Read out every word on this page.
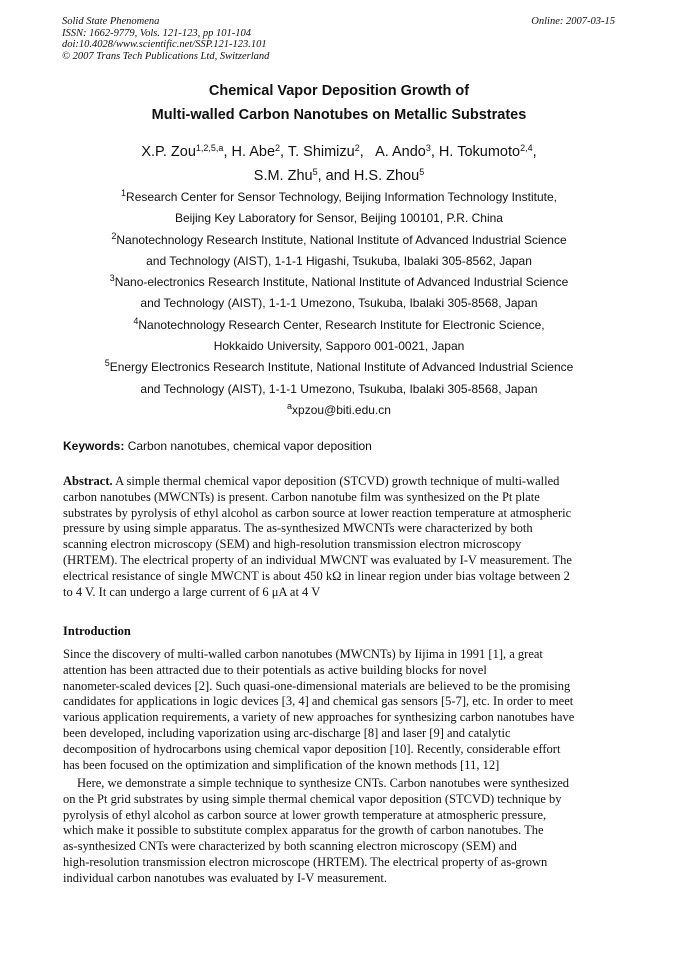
Solid State Phenomena
ISSN: 1662-9779, Vols. 121-123, pp 101-104
doi:10.4028/www.scientific.net/SSP.121-123.101
© 2007 Trans Tech Publications Ltd, Switzerland
Online: 2007-03-15
Chemical Vapor Deposition Growth of
Multi-walled Carbon Nanotubes on Metallic Substrates
X.P. Zou$^{1,2,5,a}$, H. Abe$^2$, T. Shimizu$^2$,   A. Ando$^3$, H. Tokumoto$^{2,4}$,
S.M. Zhu$^5$, and H.S. Zhou$^5$
$^1$Research Center for Sensor Technology, Beijing Information Technology Institute,
Beijing Key Laboratory for Sensor, Beijing 100101, P.R. China
$^2$Nanotechnology Research Institute, National Institute of Advanced Industrial Science
and Technology (AIST), 1-1-1 Higashi, Tsukuba, Ibalaki 305-8562, Japan
$^3$Nano-electronics Research Institute, National Institute of Advanced Industrial Science
and Technology (AIST), 1-1-1 Umezono, Tsukuba, Ibalaki 305-8568, Japan
$^4$Nanotechnology Research Center, Research Institute for Electronic Science,
Hokkaido University, Sapporo 001-0021, Japan
$^5$Energy Electronics Research Institute, National Institute of Advanced Industrial Science
and Technology (AIST), 1-1-1 Umezono, Tsukuba, Ibalaki 305-8568, Japan
$^a$xpzou@biti.edu.cn
Keywords: Carbon nanotubes, chemical vapor deposition
Abstract. A simple thermal chemical vapor deposition (STCVD) growth technique of multi-walled
carbon nanotubes (MWCNTs) is present. Carbon nanotube film was synthesized on the Pt plate
substrates by pyrolysis of ethyl alcohol as carbon source at lower reaction temperature at atmospheric
pressure by using simple apparatus. The as-synthesized MWCNTs were characterized by both
scanning electron microscopy (SEM) and high-resolution transmission electron microscopy
(HRTEM). The electrical property of an individual MWCNT was evaluated by I-V measurement. The
electrical resistance of single MWCNT is about 450 kΩ in linear region under bias voltage between 2
to 4 V. It can undergo a large current of 6 μA at 4 V
Introduction
Since the discovery of multi-walled carbon nanotubes (MWCNTs) by Iijima in 1991 [1], a great
attention has been attracted due to their potentials as active building blocks for novel
nanometer-scaled devices [2]. Such quasi-one-dimensional materials are believed to be the promising
candidates for applications in logic devices [3, 4] and chemical gas sensors [5-7], etc. In order to meet
various application requirements, a variety of new approaches for synthesizing carbon nanotubes have
been developed, including vaporization using arc-discharge [8] and laser [9] and catalytic
decomposition of hydrocarbons using chemical vapor deposition [10]. Recently, considerable effort
has been focused on the optimization and simplification of the known methods [11, 12]
Here, we demonstrate a simple technique to synthesize CNTs. Carbon nanotubes were synthesized
on the Pt grid substrates by using simple thermal chemical vapor deposition (STCVD) technique by
pyrolysis of ethyl alcohol as carbon source at lower growth temperature at atmospheric pressure,
which make it possible to substitute complex apparatus for the growth of carbon nanotubes. The
as-synthesized CNTs were characterized by both scanning electron microscopy (SEM) and
high-resolution transmission electron microscope (HRTEM). The electrical property of as-grown
individual carbon nanotubes was evaluated by I-V measurement.
